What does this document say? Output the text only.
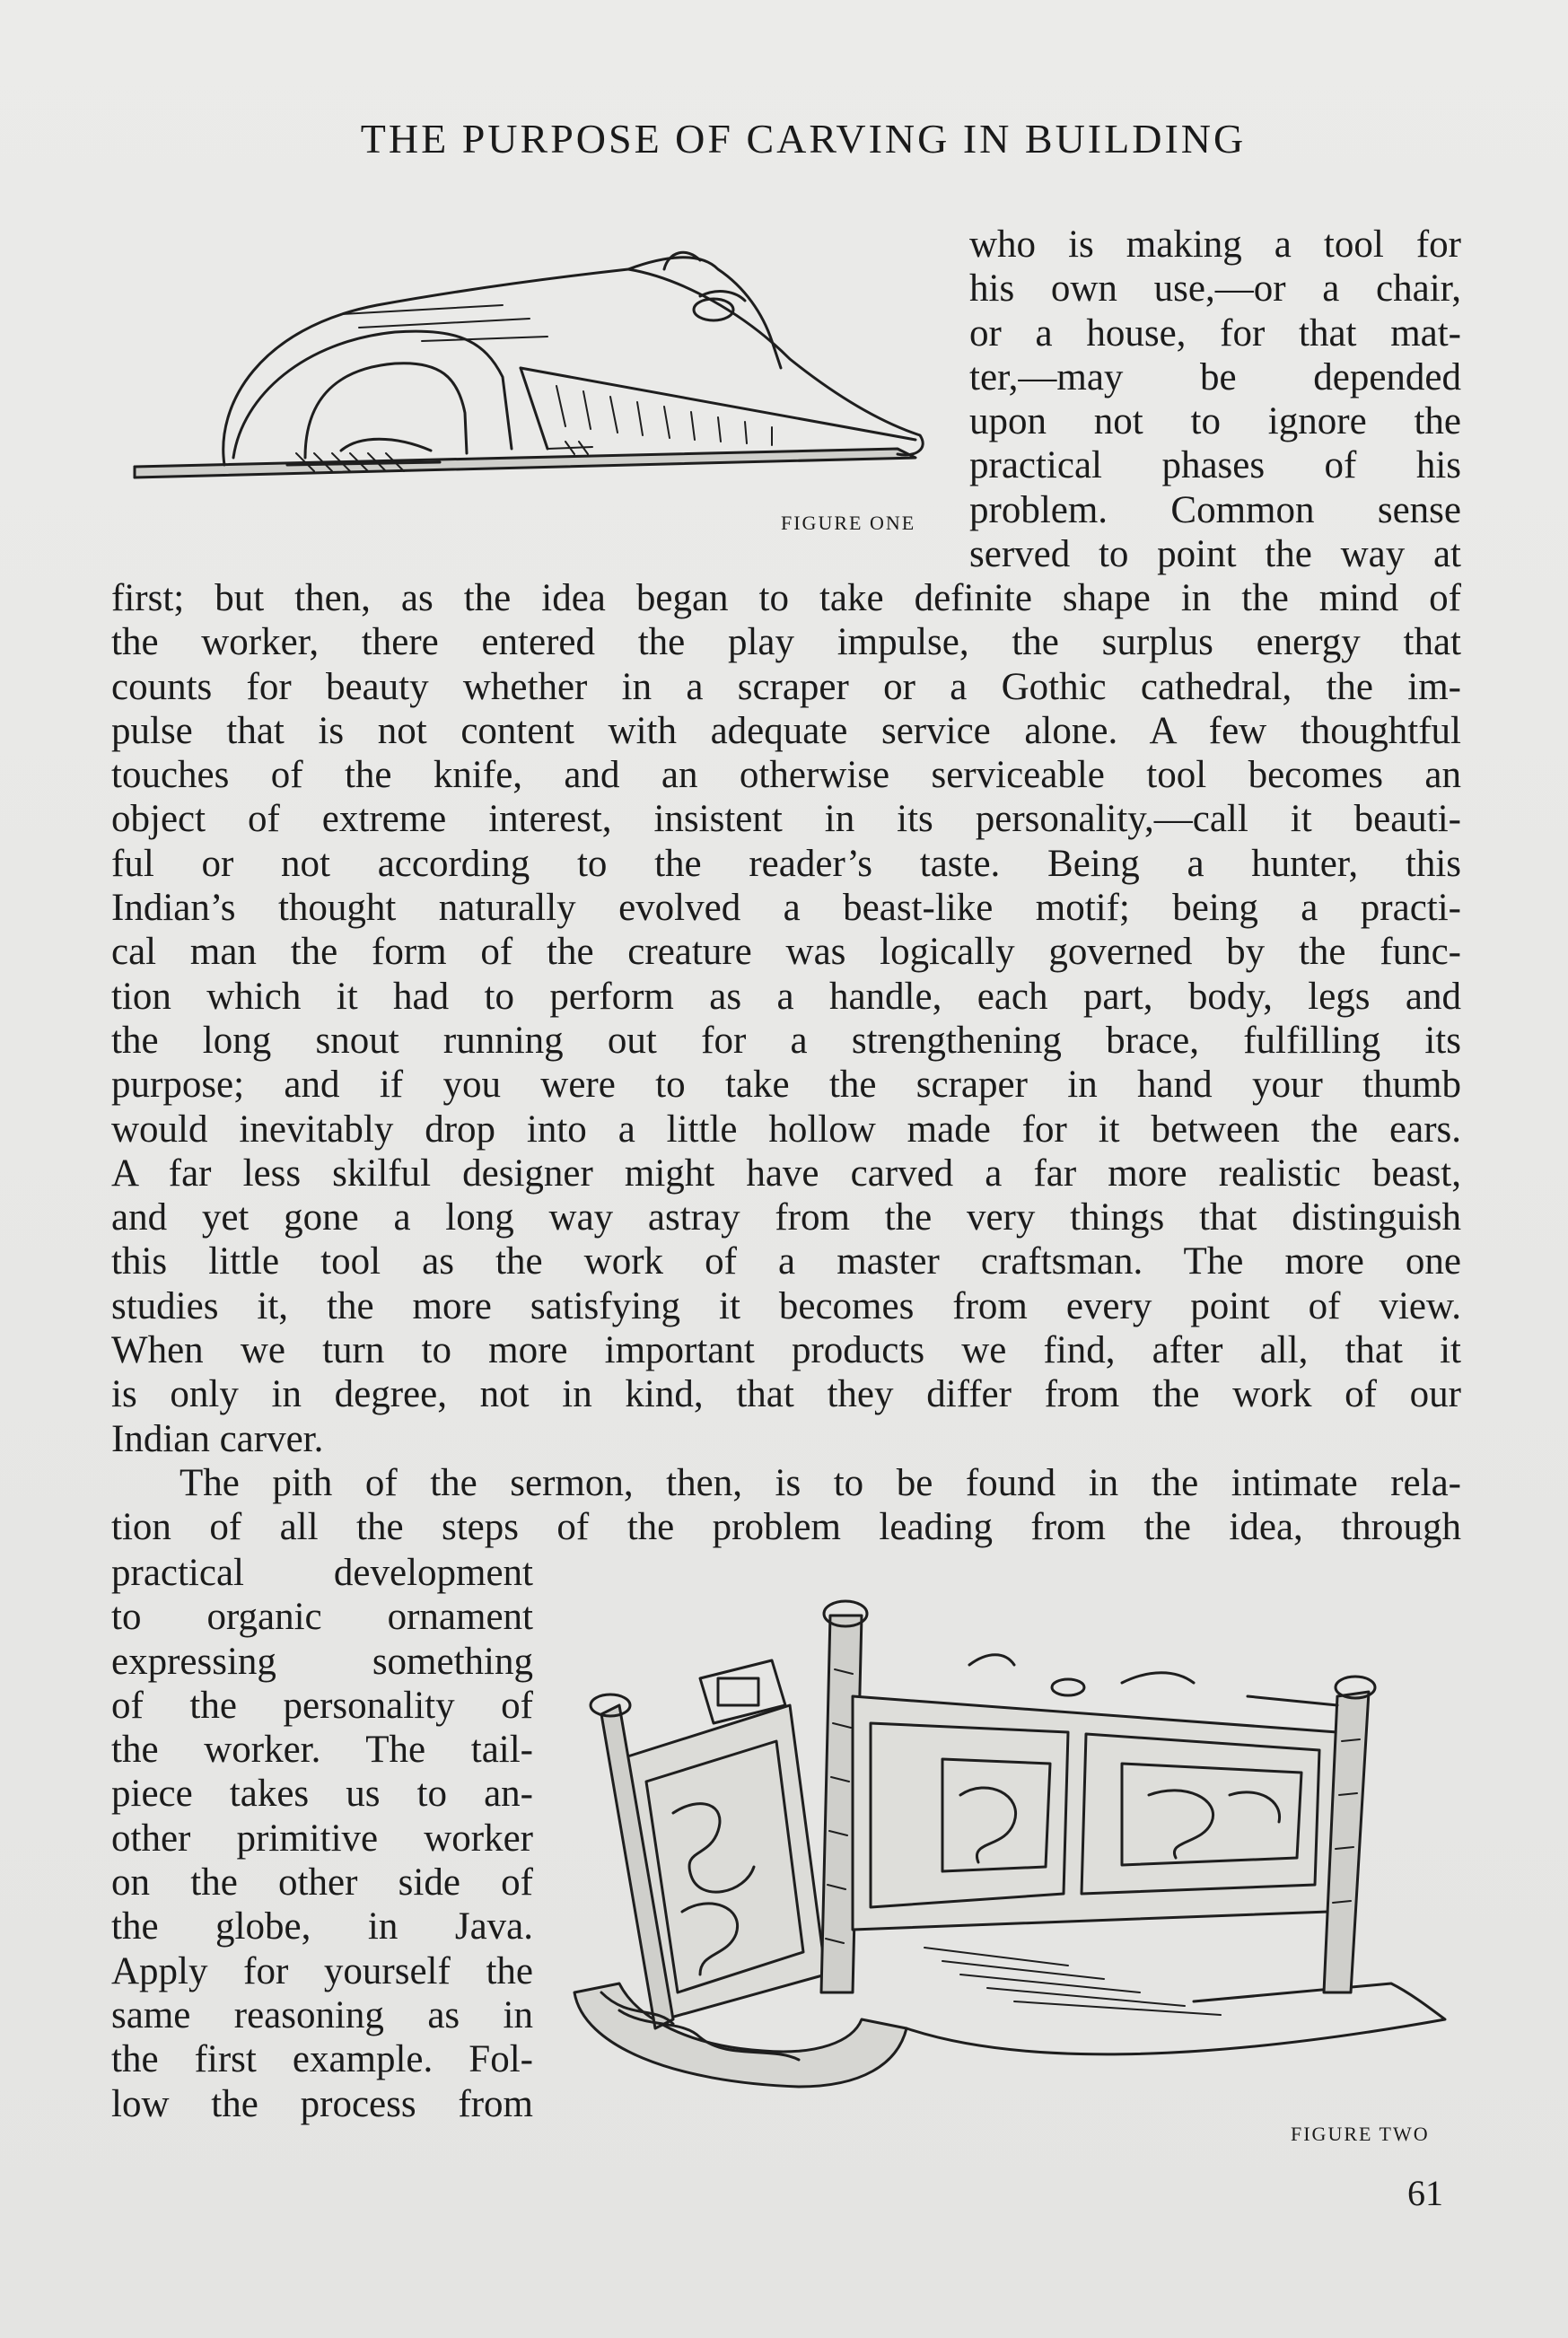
THE PURPOSE OF CARVING IN BUILDING
FIGURE ONE
who is making a tool for
his own use,—or a chair,
or a house, for that mat-
ter,—may be depended
upon not to ignore the
practical phases of his
problem. Common sense
served to point the way at
first; but then, as the idea began to take definite shape in the mind of
the worker, there entered the play impulse, the surplus energy that
counts for beauty whether in a scraper or a Gothic cathedral, the im-
pulse that is not content with adequate service alone. A few thoughtful
touches of the knife, and an otherwise serviceable tool becomes an
object of extreme interest, insistent in its personality,—call it beauti-
ful or not according to the reader’s taste. Being a hunter, this
Indian’s thought naturally evolved a beast-like motif; being a practi-
cal man the form of the creature was logically governed by the func-
tion which it had to perform as a handle, each part, body, legs and
the long snout running out for a strengthening brace, fulfilling its
purpose; and if you were to take the scraper in hand your thumb
would inevitably drop into a little hollow made for it between the ears.
A far less skilful designer might have carved a far more realistic beast,
and yet gone a long way astray from the very things that distinguish
this little tool as the work of a master craftsman. The more one
studies it, the more satisfying it becomes from every point of view.
When we turn to more important products we find, after all, that it
is only in degree, not in kind, that they differ from the work of our
Indian carver.
The pith of the sermon, then, is to be found in the intimate rela-
tion of all the steps of the problem leading from the idea, through
practical development
to organic ornament
expressing something
of the personality of
the worker. The tail-
piece takes us to an-
other primitive worker
on the other side of
the globe, in Java.
Apply for yourself the
same reasoning as in
the first example. Fol-
low the process from
FIGURE TWO
61
